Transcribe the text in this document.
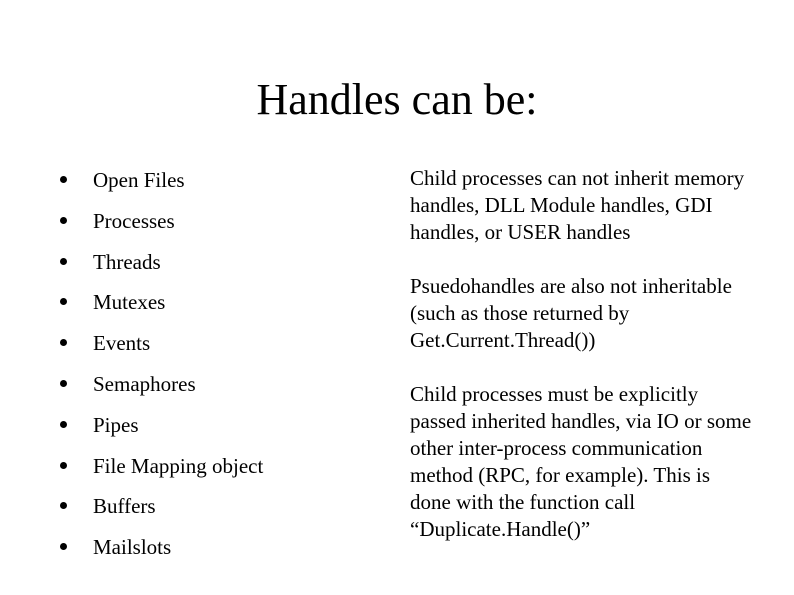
Handles can be:
Open Files
Processes
Threads
Mutexes
Events
Semaphores
Pipes
File Mapping object
Buffers
Mailslots

Child processes can not inherit memory handles, DLL Module handles, GDI handles, or USER handles

Psuedohandles are also not inheritable (such as those returned by Get.Current.Thread())

Child processes must be explicitly passed inherited handles, via IO or some other inter-process communication method (RPC, for example). This is done with the function call “Duplicate.Handle()”
